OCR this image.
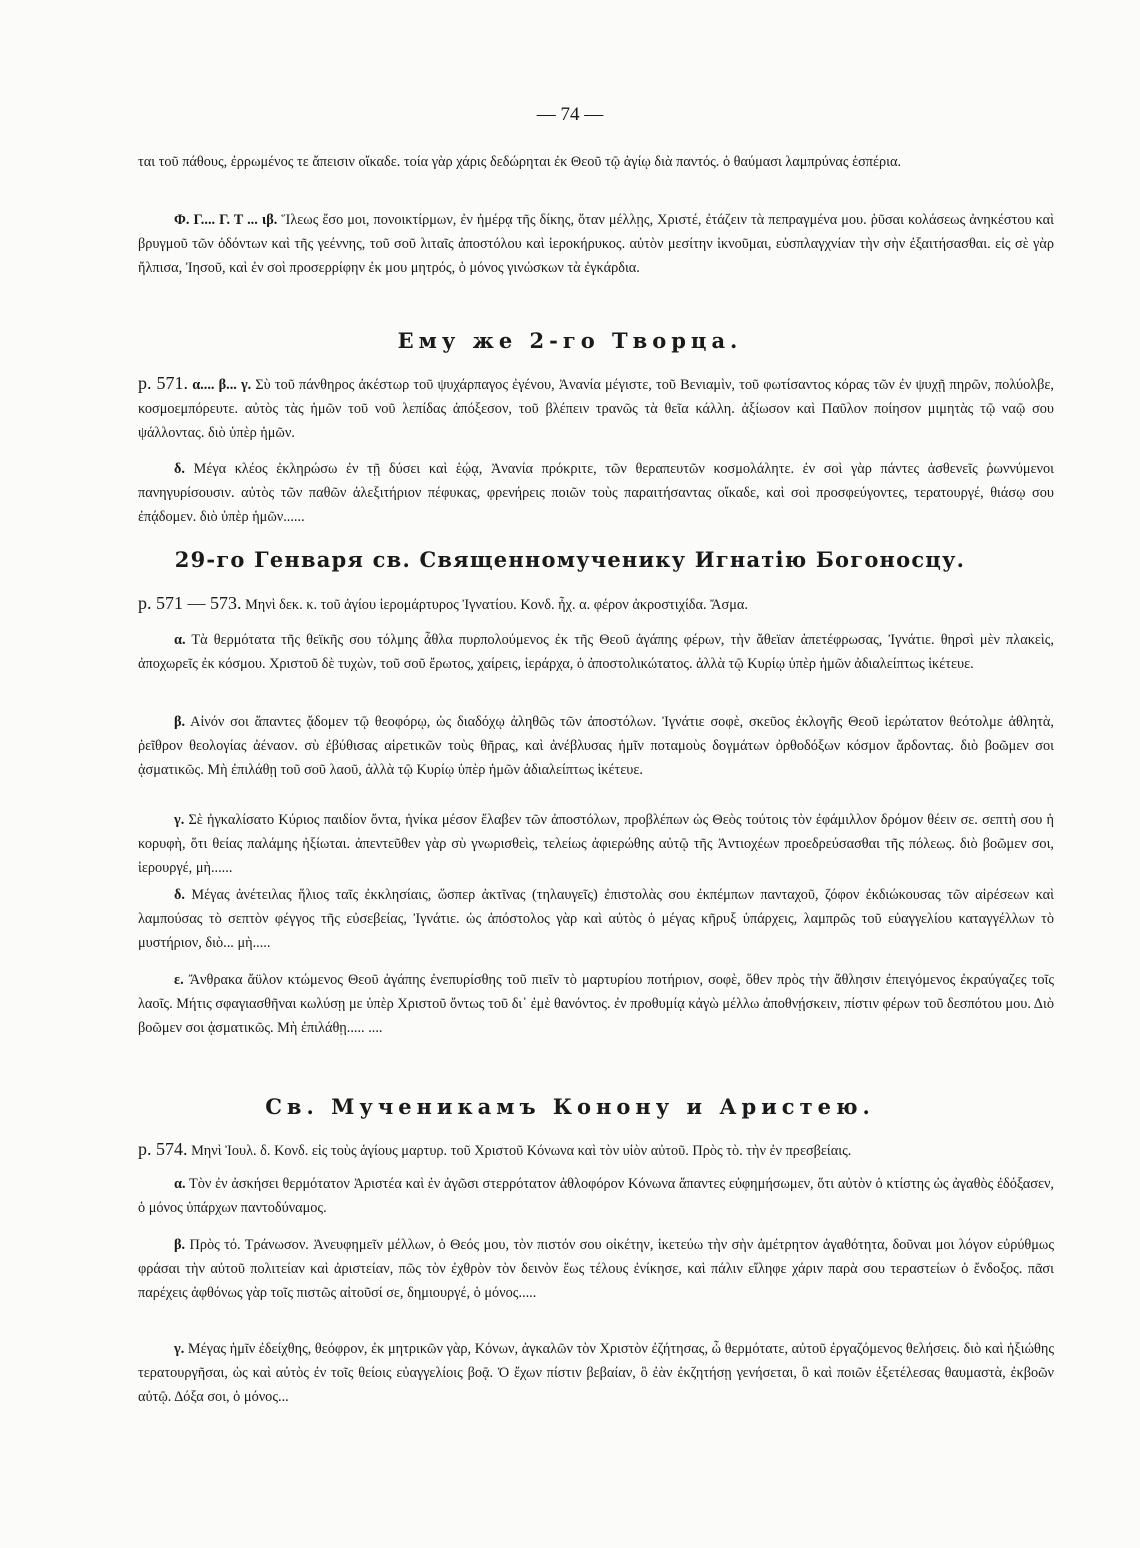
— 74 —
ται τοῦ πάθους, ἐρρωμένος τε ἄπεισιν οἴκαδε. τοία γὰρ χάρις δεδώρηται ἐκ Θεοῦ τῷ ἁγίῳ διὰ παντός. ὁ θαύμασι λαμπρύνας ἑσπέρια.
Φ. Γ.... Γ. Τ ... ιβ. Ἵλεως ἔσο μοι, πονοικτίρμων, ἐν ἡμέρᾳ τῆς δίκης, ὅταν μέλλῃς, Χριστέ, ἐτάζειν τὰ πεπραγμένα μου. ῥῦσαι κολάσεως ἀνηκέστου καὶ βρυγμοῦ τῶν ὀδόντων καὶ τῆς γεέννης, τοῦ σοῦ λιταῖς ἀποστόλου καὶ ἱεροκήρυκος. αὐτὸν μεσίτην ἱκνοῦμαι, εὐσπλαγχνίαν τὴν σὴν ἐξαιτήσασθαι. εἰς σὲ γὰρ ἤλπισα, Ἰησοῦ, καὶ ἐν σοὶ προσερρίφην ἐκ μου μητρός, ὁ μόνος γινώσκων τὰ ἐγκάρδια.
Ему же 2-го Творца.
р. 571. α.... β... γ. Σὺ τοῦ πάνθηρος ἀκέστωρ τοῦ ψυχάρπαγος ἐγένου, Ἀνανία μέγιστε, τοῦ Βενιαμὶν, τοῦ φωτίσαντος κόρας τῶν ἐν ψυχῇ πηρῶν, πολύολβε, κοσμοεμπόρευτε. αὐτὸς τὰς ἡμῶν τοῦ νοῦ λεπίδας ἀπόξεσον, τοῦ βλέπειν τρανῶς τὰ θεῖα κάλλη. ἀξίωσον καὶ Παῦλον ποίησον μιμητὰς τῷ ναῷ σου ψάλλοντας. διὸ ὑπὲρ ἡμῶν.
δ. Μέγα κλέος ἐκληρώσω ἐν τῇ δύσει καὶ ἑῴᾳ, Ἀνανία πρόκριτε, τῶν θεραπευτῶν κοσμολάλητε. ἐν σοὶ γὰρ πάντες ἀσθενεῖς ῥωννύμενοι πανηγυρίσουσιν. αὐτὸς τῶν παθῶν ἀλεξιτήριον πέφυκας, φρενήρεις ποιῶν τοὺς παραιτήσαντας οἴκαδε, καὶ σοὶ προσφεύγοντες, τερατουργέ, θιάσῳ σου ἐπᾴδομεν. διὸ ὑπὲρ ἡμῶν......
29-го Генваря св. Священномученику Игнатію Богоносцу.
р. 571 — 573. Μηνὶ δεκ. κ. τοῦ ἁγίου ἱερομάρτυρος Ἰγνατίου. Κονδ. ἦχ. α. φέρον ἀκροστιχίδα. Ἄσμα.
α. Τὰ θερμότατα τῆς θεϊκῆς σου τόλμης ἆθλα πυρπολούμενος ἐκ τῆς Θεοῦ ἀγάπης φέρων, τὴν ἄθεϊαν ἀπετέφρωσας, Ἰγνάτιε. θηρσὶ μὲν πλακεὶς, ἀποχωρεῖς ἐκ κόσμου. Χριστοῦ δὲ τυχὼν, τοῦ σοῦ ἔρωτος, χαίρεις, ἱεράρχα, ὁ ἀποστολικώτατος. ἀλλὰ τῷ Κυρίῳ ὑπὲρ ἡμῶν ἀδιαλείπτως ἱκέτευε.
β. Αἰνόν σοι ἅπαντες ᾄδομεν τῷ θεοφόρῳ, ὡς διαδόχῳ ἀληθῶς τῶν ἀποστόλων. Ἰγνάτιε σοφὲ, σκεῦος ἐκλογῆς Θεοῦ ἱερώτατον θεότολμε ἀθλητὰ, ῥεῖθρον θεολογίας ἀέναον. σὺ ἐβύθισας αἱρετικῶν τοὺς θῆρας, καὶ ἀνέβλυσας ἡμῖν ποταμοὺς δογμάτων ὀρθοδόξων κόσμον ἄρδοντας. διὸ βοῶμεν σοι ᾀσματικῶς. Μὴ ἐπιλάθῃ τοῦ σοῦ λαοῦ, ἀλλὰ τῷ Κυρίῳ ὑπὲρ ἡμῶν ἀδιαλείπτως ἱκέτευε.
γ. Σὲ ἠγκαλίσατο Κύριος παιδίον ὄντα, ἡνίκα μέσον ἔλαβεν τῶν ἀποστόλων, προβλέπων ὡς Θεὸς τούτοις τὸν ἐφάμιλλον δρόμον θέειν σε. σεπτὴ σου ἡ κορυφὴ, ὅτι θείας παλάμης ἠξίωται. ἀπεντεῦθεν γὰρ σὺ γνωρισθεὶς, τελείως ἀφιερώθης αὐτῷ τῆς Ἀντιοχέων προεδρεύσασθαι τῆς πόλεως. διὸ βοῶμεν σοι, ἱερουργέ, μὴ......
δ. Μέγας ἀνέτειλας ἥλιος ταῖς ἐκκλησίαις, ὥσπερ ἀκτῖνας (τηλαυγεῖς) ἐπιστολὰς σου ἐκπέμπων πανταχοῦ, ζόφον ἐκδιώκουσας τῶν αἱρέσεων καὶ λαμπούσας τὸ σεπτὸν φέγγος τῆς εὐσεβείας, Ἰγνάτιε. ὡς ἀπόστολος γὰρ καὶ αὐτὸς ὁ μέγας κῆρυξ ὑπάρχεις, λαμπρῶς τοῦ εὐαγγελίου καταγγέλλων τὸ μυστήριον, διὸ... μὴ.....
ε. Ἄνθρακα ἄϋλον κτώμενος Θεοῦ ἀγάπης ἐνεπυρίσθης τοῦ πιεῖν τὸ μαρτυρίου ποτήριον, σοφὲ, ὅθεν πρὸς τὴν ἄθλησιν ἐπειγόμενος ἐκραύγαζες τοῖς λαοῖς. Μήτις σφαγιασθῆναι κωλύσῃ με ὑπὲρ Χριστοῦ ὄντως τοῦ δι᾽ ἐμὲ θανόντος. ἐν προθυμίᾳ κἀγὼ μέλλω ἀποθνῄσκειν, πίστιν φέρων τοῦ δεσπότου μου. Διὸ βοῶμεν σοι ᾀσματικῶς. Μὴ ἐπιλάθῃ..... ....
Св. Мученикамъ Конону и Аристею.
р. 574. Μηνὶ Ἰουλ. δ. Κονδ. εἰς τοὺς ἁγίους μαρτυρ. τοῦ Χριστοῦ Κόνωνα καὶ τὸν υἱὸν αὐτοῦ. Πρὸς τὸ. τὴν ἐν πρεσβείαις.
α. Τὸν ἐν ἀσκήσει θερμότατον Ἀριστέα καὶ ἐν ἀγῶσι στερρότατον ἀθλοφόρον Κόνωνα ἅπαντες εὐφημήσωμεν, ὅτι αὐτὸν ὁ κτίστης ὡς ἀγαθὸς ἐδόξασεν, ὁ μόνος ὑπάρχων παντοδύναμος.
β. Πρὸς τό. Τράνωσον. Ἀνευφημεῖν μέλλων, ὁ Θεός μου, τὸν πιστόν σου οἰκέτην, ἱκετεύω τὴν σὴν ἀμέτρητον ἀγαθότητα, δοῦναι μοι λόγον εὐρύθμως φράσαι τὴν αὐτοῦ πολιτείαν καὶ ἀριστείαν, πῶς τὸν ἐχθρὸν τὸν δεινὸν ἕως τέλους ἐνίκησε, καὶ πάλιν εἴληφε χάριν παρὰ σου τεραστείων ὁ ἔνδοξος. πᾶσι παρέχεις ἀφθόνως γὰρ τοῖς πιστῶς αἰτοῦσί σε, δημιουργέ, ὁ μόνος.....
γ. Μέγας ἡμῖν ἐδείχθης, θεόφρον, ἐκ μητρικῶν γὰρ, Κόνων, ἀγκαλῶν τὸν Χριστὸν ἐζήτησας, ὦ θερμότατε, αὐτοῦ ἐργαζόμενος θελήσεις. διὸ καὶ ἠξιώθης τερατουργῆσαι, ὡς καὶ αὐτὸς ἐν τοῖς θείοις εὐαγγελίοις βοᾷ. Ὁ ἔχων πίστιν βεβαίαν, ὃ ἐὰν ἐκζητήσῃ γενήσεται, ὃ καὶ ποιῶν ἐξετέλεσας θαυμαστὰ, ἐκβοῶν αὐτῷ. Δόξα σοι, ὁ μόνος...
